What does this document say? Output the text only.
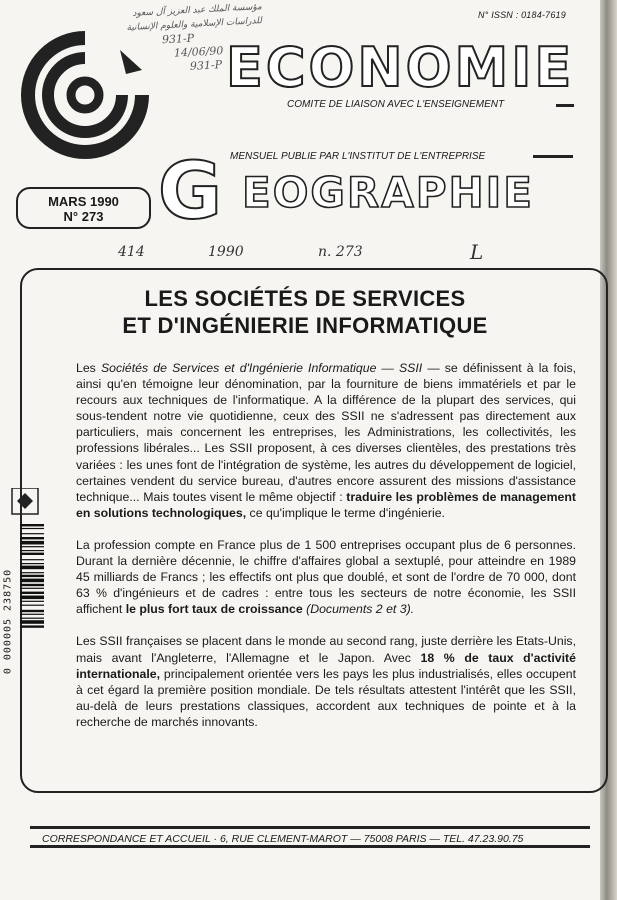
N° ISSN : 0184-7619
مؤسسة الملك عبد العزيز آل سعود
للدراسات الإسلامية والعلوم الإنسانية
931-P
14/06/90
931-P ECONOMIE
COMITE DE LIAISON AVEC L'ENSEIGNEMENT
MENSUEL PUBLIE PAR L'INSTITUT DE L'ENTREPRISE
G EOGRAPHIE
MARS 1990
N° 273
414	1990	n. 273	L
LES SOCIÉTÉS DE SERVICES
ET D'INGÉNIERIE INFORMATIQUE

Les Sociétés de Services et d'Ingénierie Informatique — SSII — se définissent à la fois, ainsi qu'en témoigne leur dénomination, par la fourniture de biens immatériels et par le recours aux techniques de l'informatique. A la différence de la plupart des services, qui sous-tendent notre vie quotidienne, ceux des SSII ne s'adressent pas directement aux particuliers, mais concernent les entreprises, les Administrations, les collectivités, les professions libérales... Les SSII proposent, à ces diverses clientèles, des prestations très variées : les unes font de l'intégration de système, les autres du développement de logiciel, certaines vendent du service bureau, d'autres encore assurent des missions d'assistance technique... Mais toutes visent le même objectif : traduire les problèmes de management en solutions technologiques, ce qu'implique le terme d'ingénierie.

La profession compte en France plus de 1 500 entreprises occupant plus de 6 personnes. Durant la dernière décennie, le chiffre d'affaires global a sextuplé, pour atteindre en 1989 45 milliards de Francs ; les effectifs ont plus que doublé, et sont de l'ordre de 70 000, dont 63 % d'ingénieurs et de cadres : entre tous les secteurs de notre économie, les SSII affichent le plus fort taux de croissance (Documents 2 et 3).

Les SSII françaises se placent dans le monde au second rang, juste derrière les Etats-Unis, mais avant l'Angleterre, l'Allemagne et le Japon. Avec 18 % de taux d'activité internationale, principalement orientée vers les pays les plus industrialisés, elles occupent à cet égard la première position mondiale. De tels résultats attestent l'intérêt que les SSII, au-delà de leurs prestations classiques, accordent aux techniques de pointe et à la recherche de marchés innovants.

0 000005 238750
CORRESPONDANCE ET ACCUEIL · 6, RUE CLEMENT-MAROT — 75008 PARIS — TEL. 47.23.90.75
